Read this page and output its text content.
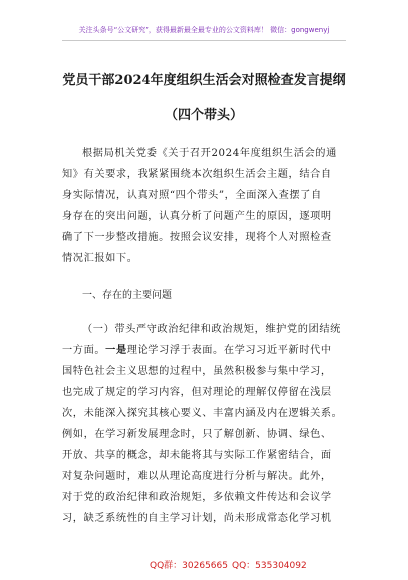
关注头条号“公文研究”，获得最新最全最专业的公文资料库！ 微信：gongwenyj
党员干部2024年度组织生活会对照检查发言提纲
（四个带头）
根据局机关党委《关于召开2024年度组织生活会的通
知》有关要求，我紧紧围绕本次组织生活会主题，结合自
身实际情况，认真对照“四个带头”，全面深入查摆了自
身存在的突出问题，认真分析了问题产生的原因，逐项明
确了下一步整改措施。按照会议安排，现将个人对照检查
情况汇报如下。
一、存在的主要问题
（一）带头严守政治纪律和政治规矩，维护党的团结统
一方面。一是理论学习浮于表面。在学习习近平新时代中
国特色社会主义思想的过程中，虽然积极参与集中学习，
也完成了规定的学习内容，但对理论的理解仅停留在浅层
次，未能深入探究其核心要义、丰富内涵及内在逻辑关系。
例如，在学习新发展理念时，只了解创新、协调、绿色、
开放、共享的概念，却未能将其与实际工作紧密结合，面
对复杂问题时，难以从理论高度进行分析与解决。此外，
对于党的政治纪律和政治规矩，多依赖文件传达和会议学
习，缺乏系统性的自主学习计划，尚未形成常态化学习机
QQ群：30265665 QQ：535304092
